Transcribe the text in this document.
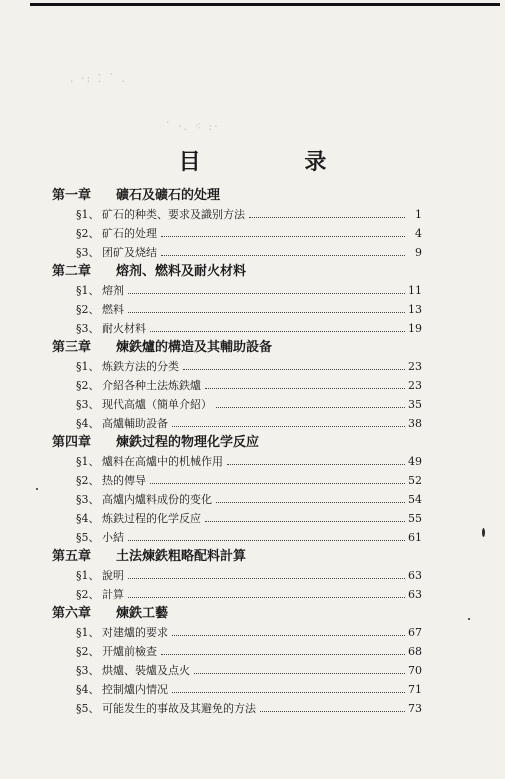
. ·: ⁚ ˙ .
˙ ·. ⁖ :·
目 录
第一章 礦石及礦石的处理
§1、 矿石的种类、要求及識别方法	1
§2、 矿石的处理	4
§3、 团矿及烧结	9
第二章 熔剂、燃料及耐火材料
§1、 熔剂	11
§2、 燃料	13
§3、 耐火材料	19
第三章 煉鉄爐的構造及其輔助設备
§1、 炼鉄方法的分类	23
§2、 介紹各种土法炼鉄爐	23
§3、 现代高爐（簡单介紹）	35
§4、 高爐輔助設备	38
第四章 煉鉄过程的物理化学反应
§1、 爐料在高爐中的机械作用	49
§2、 热的傳导	52
§3、 高爐内爐料成份的变化	54
§4、 炼鉄过程的化学反应	55
§5、 小結	61
第五章 土法煉鉄粗略配料計算
§1、 說明	63
§2、 計算	63
第六章 煉鉄工藝
§1、 对建爐的要求	67
§2、 开爐前檢查	68
§3、 烘爐、裝爐及点火	70
§4、 控制爐内情况	71
§5、 可能发生的事故及其避免的方法	73
